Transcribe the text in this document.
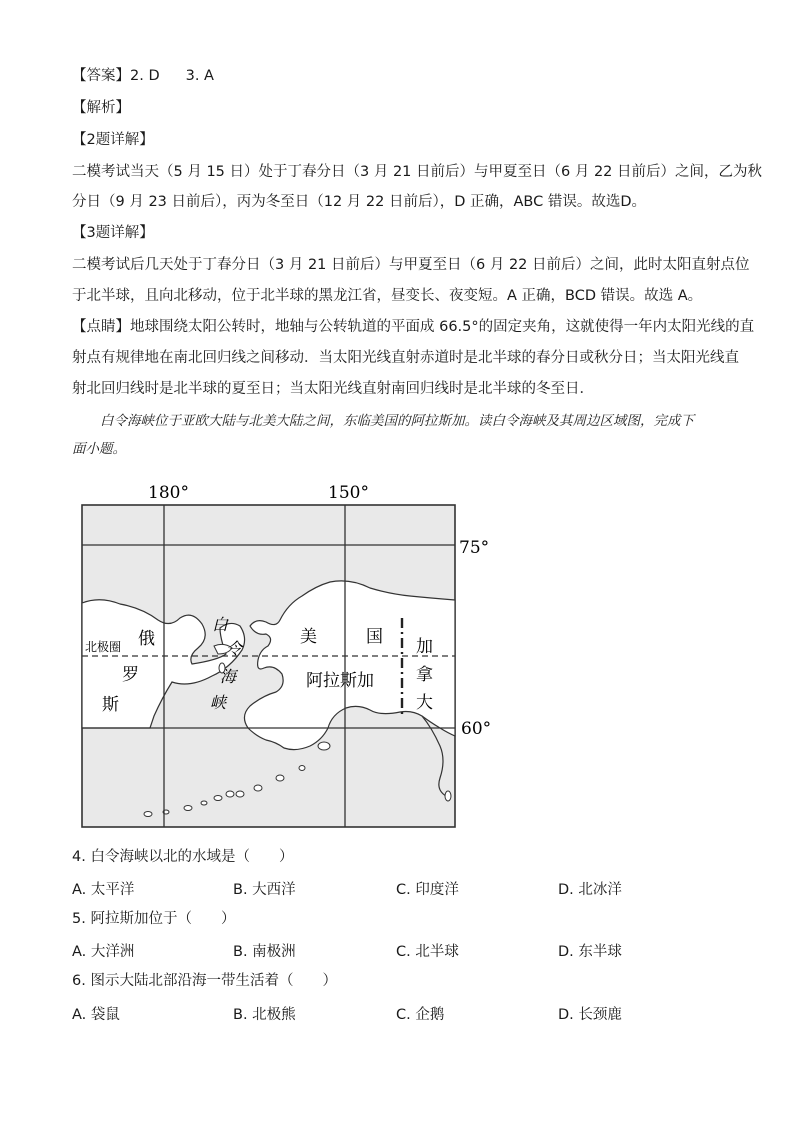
【答案】2. D 3. A
【解析】
【2题详解】
二模考试当天（5 月 15 日）处于丁春分日（3 月 21 日前后）与甲夏至日（6 月 22 日前后）之间，乙为秋
分日（9 月 23 日前后），丙为冬至日（12 月 22 日前后），D 正确，ABC 错误。故选D。
【3题详解】
二模考试后几天处于丁春分日（3 月 21 日前后）与甲夏至日（6 月 22 日前后）之间，此时太阳直射点位
于北半球，且向北移动，位于北半球的黑龙江省，昼变长、夜变短。A 正确，BCD 错误。故选 A。
【点睛】地球围绕太阳公转时，地轴与公转轨道的平面成 66.5°的固定夹角，这就使得一年内太阳光线的直
射点有规律地在南北回归线之间移动．当太阳光线直射赤道时是北半球的春分日或秋分日；当太阳光线直
射北回归线时是北半球的夏至日；当太阳光线直射南回归线时是北半球的冬至日．
白令海峡位于亚欧大陆与北美大陆之间，东临美国的阿拉斯加。读白令海峡及其周边区域图，完成下
面小题。
180°	150°
75°
60°
北极圈 俄
罗
斯
白
令
海
峡
美	国
阿拉斯加
加
拿
大
4. 白令海峡以北的水域是（　　）
A. 太平洋	B. 大西洋	C. 印度洋	D. 北冰洋
5. 阿拉斯加位于（　　）
A. 大洋洲	B. 南极洲	C. 北半球	D. 东半球
6. 图示大陆北部沿海一带生活着（　　）
A. 袋鼠	B. 北极熊	C. 企鹅	D. 长颈鹿
